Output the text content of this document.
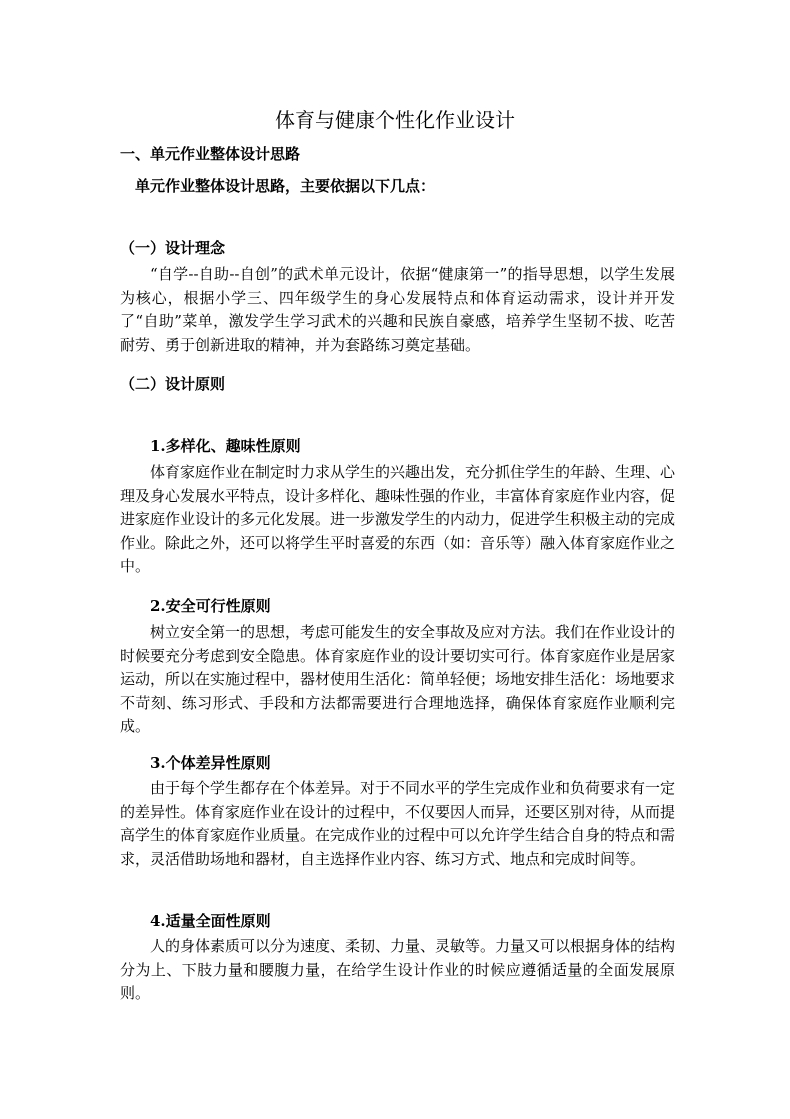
体育与健康个性化作业设计
一、单元作业整体设计思路

单元作业整体设计思路，主要依据以下几点：

（一）设计理念

“自学--自助--自创”的武术单元设计，依据“健康第一”的指导思想，以学生发展为核心，根据小学三、四年级学生的身心发展特点和体育运动需求，设计并开发了“自助”菜单，激发学生学习武术的兴趣和民族自豪感，培养学生坚韧不拔、吃苦耐劳、勇于创新进取的精神，并为套路练习奠定基础。

（二）设计原则
1.多样化、趣味性原则

体育家庭作业在制定时力求从学生的兴趣出发，充分抓住学生的年龄、生理、心理及身心发展水平特点，设计多样化、趣味性强的作业，丰富体育家庭作业内容，促进家庭作业设计的多元化发展。进一步激发学生的内动力，促进学生积极主动的完成作业。除此之外，还可以将学生平时喜爱的东西（如：音乐等）融入体育家庭作业之中。

2.安全可行性原则

树立安全第一的思想，考虑可能发生的安全事故及应对方法。我们在作业设计的时候要充分考虑到安全隐患。体育家庭作业的设计要切实可行。体育家庭作业是居家运动，所以在实施过程中，器材使用生活化：简单轻便；场地安排生活化：场地要求不苛刻、练习形式、手段和方法都需要进行合理地选择，确保体育家庭作业顺利完成。

3.个体差异性原则

由于每个学生都存在个体差异。对于不同水平的学生完成作业和负荷要求有一定的差异性。体育家庭作业在设计的过程中，不仅要因人而异，还要区别对待，从而提高学生的体育家庭作业质量。在完成作业的过程中可以允许学生结合自身的特点和需求，灵活借助场地和器材，自主选择作业内容、练习方式、地点和完成时间等。

4.适量全面性原则

人的身体素质可以分为速度、柔韧、力量、灵敏等。力量又可以根据身体的结构分为上、下肢力量和腰腹力量，在给学生设计作业的时候应遵循适量的全面发展原则。
